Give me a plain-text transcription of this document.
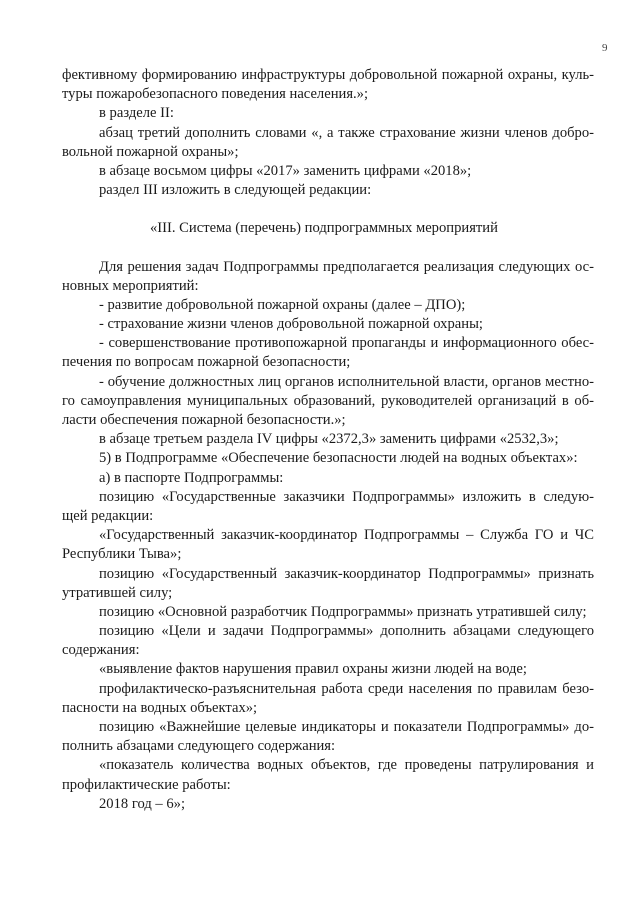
9
фективному формированию инфраструктуры добровольной пожарной охраны, куль-
туры пожаробезопасного поведения населения.»;
в разделе II:
абзац третий дополнить словами «, а также страхование жизни членов добро-
вольной пожарной охраны»;
в абзаце восьмом цифры «2017» заменить цифрами «2018»;
раздел III изложить в следующей редакции:
«III. Система (перечень) подпрограммных мероприятий
Для решения задач Подпрограммы предполагается реализация следующих ос-
новных мероприятий:
- развитие добровольной пожарной охраны (далее – ДПО);
- страхование жизни членов добровольной пожарной охраны;
- совершенствование противопожарной пропаганды и информационного обес-
печения по вопросам пожарной безопасности;
- обучение должностных лиц органов исполнительной власти, органов местно-
го самоуправления муниципальных образований, руководителей организаций в об-
ласти обеспечения пожарной безопасности.»;
в абзаце третьем раздела IV цифры «2372,3» заменить цифрами «2532,3»;
5) в Подпрограмме «Обеспечение безопасности людей на водных объектах»:
а) в паспорте Подпрограммы:
позицию «Государственные заказчики Подпрограммы» изложить в следую-
щей редакции:
«Государственный заказчик-координатор Подпрограммы – Служба ГО и ЧС
Республики Тыва»;
позицию «Государственный заказчик-координатор Подпрограммы» признать
утратившей силу;
позицию «Основной разработчик Подпрограммы» признать утратившей силу;
позицию «Цели и задачи Подпрограммы» дополнить абзацами следующего
содержания:
«выявление фактов нарушения правил охраны жизни людей на воде;
профилактическо-разъяснительная работа среди населения по правилам безо-
пасности на водных объектах»;
позицию «Важнейшие целевые индикаторы и показатели Подпрограммы» до-
полнить абзацами следующего содержания:
«показатель количества водных объектов, где проведены патрулирования и
профилактические работы:
2018 год – 6»;
